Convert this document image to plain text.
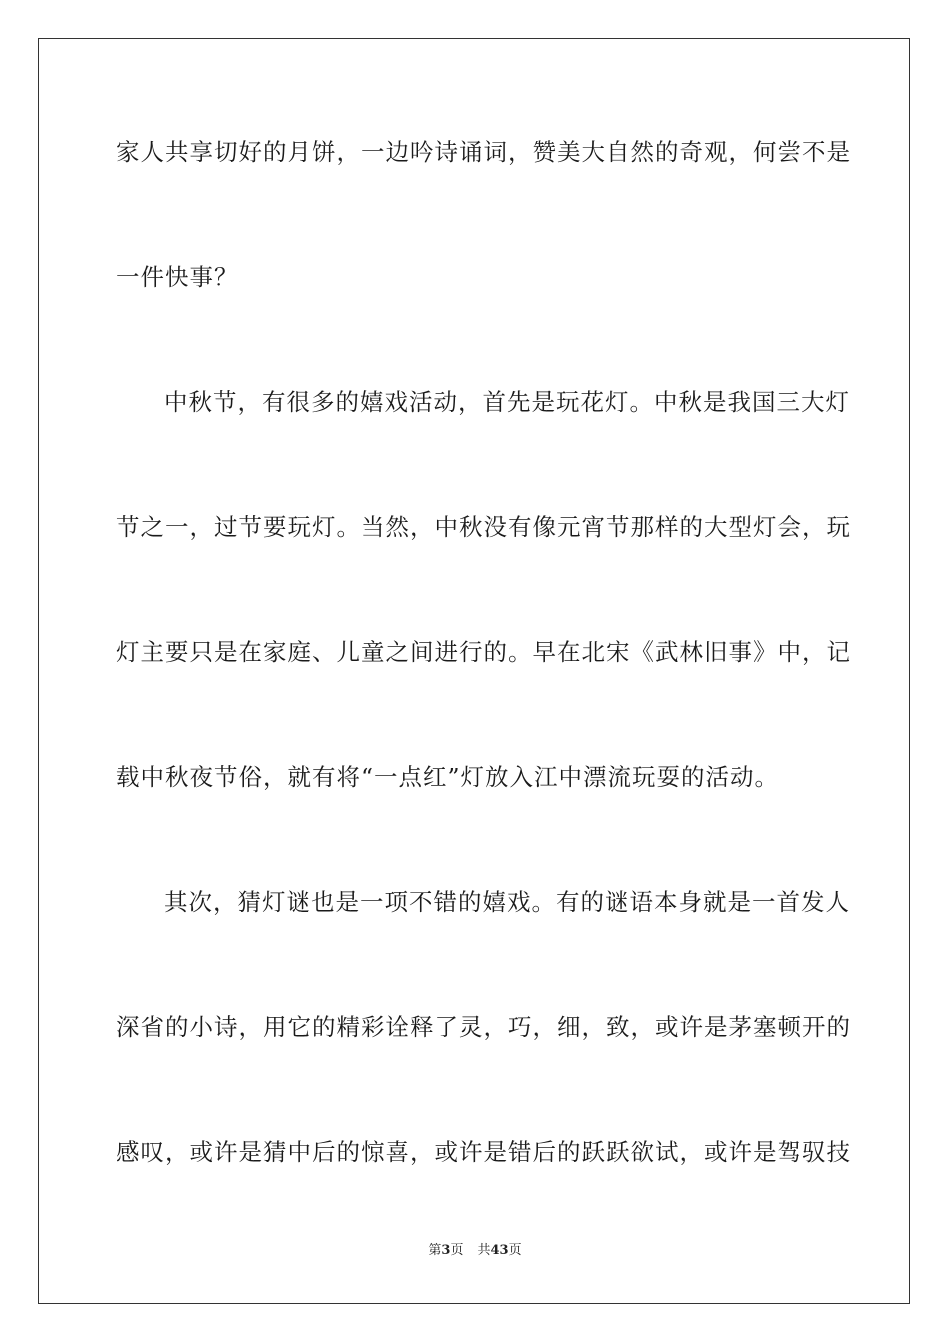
家人共享切好的月饼，一边吟诗诵词，赞美大自然的奇观，何尝不是
一件快事？
中秋节，有很多的嬉戏活动，首先是玩花灯。中秋是我国三大灯
节之一，过节要玩灯。当然，中秋没有像元宵节那样的大型灯会，玩
灯主要只是在家庭、儿童之间进行的。早在北宋《武林旧事》中，记
载中秋夜节俗，就有将“一点红”灯放入江中漂流玩耍的活动。
其次，猜灯谜也是一项不错的嬉戏。有的谜语本身就是一首发人
深省的小诗，用它的精彩诠释了灵，巧，细，致，或许是茅塞顿开的
感叹，或许是猜中后的惊喜，或许是错后的跃跃欲试，或许是驾驭技
第3页 共43页
